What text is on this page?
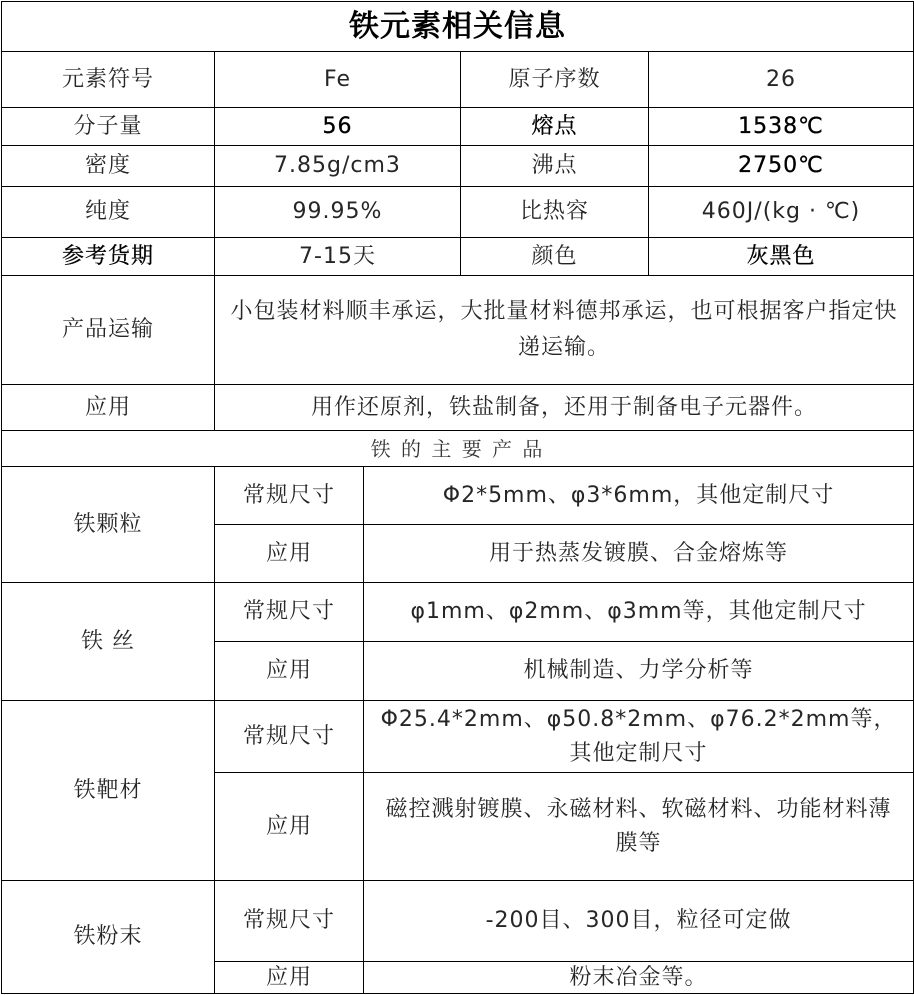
铁元素相关信息				
元素符号	Fe		原子序数	26
分子量	56		熔点	1538℃
密度	7.85g/cm3		沸点	2750℃
纯度	99.95%		比热容	460J/(kg · ℃)
参考货期	7-15天		颜色	灰黑色
产品运输	小包装材料顺丰承运，大批量材料德邦承运，也可根据客户指定快递运输。			
应用	用作还原剂，铁盐制备，还用于制备电子元器件。			
铁 的 主 要 产 品				
铁颗粒	常规尺寸	Φ2*5mm、φ3*6mm，其他定制尺寸		
	应用	用于热蒸发镀膜、合金熔炼等		
铁 丝	常规尺寸	φ1mm、φ2mm、φ3mm等，其他定制尺寸		
	应用	机械制造、力学分析等		
铁靶材	常规尺寸	Φ25.4*2mm、φ50.8*2mm、φ76.2*2mm等，其他定制尺寸		
	应用	磁控溅射镀膜、永磁材料、软磁材料、功能材料薄膜等		
铁粉末	常规尺寸	-200目、300目，粒径可定做		
	应用	粉末冶金等。		
